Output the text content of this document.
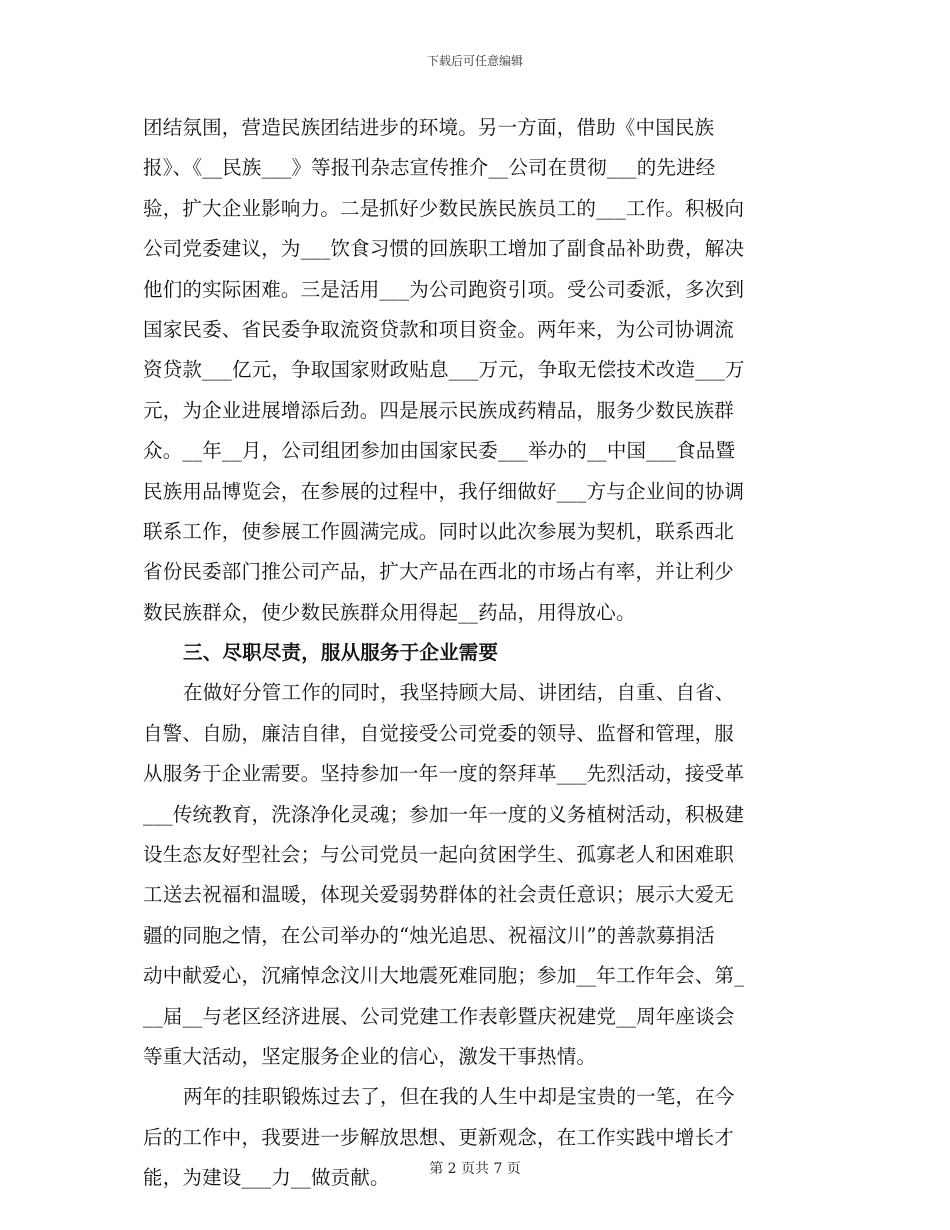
下载后可任意编辑
团结氛围，营造民族团结进步的环境。另一方面，借助《中国民族
报》、《__民族___》等报刊杂志宣传推介__公司在贯彻___的先进经
验，扩大企业影响力。二是抓好少数民族民族员工的___工作。积极向
公司党委建议，为___饮食习惯的回族职工增加了副食品补助费，解决
他们的实际困难。三是活用___为公司跑资引项。受公司委派，多次到
国家民委、省民委争取流资贷款和项目资金。两年来，为公司协调流
资贷款___亿元，争取国家财政贴息___万元，争取无偿技术改造___万
元，为企业进展增添后劲。四是展示民族成药精品，服务少数民族群
众。__年__月，公司组团参加由国家民委___举办的__中国___食品暨
民族用品博览会，在参展的过程中，我仔细做好___方与企业间的协调
联系工作，使参展工作圆满完成。同时以此次参展为契机，联系西北
省份民委部门推公司产品，扩大产品在西北的市场占有率，并让利少
数民族群众，使少数民族群众用得起__药品，用得放心。
三、尽职尽责，服从服务于企业需要
在做好分管工作的同时，我坚持顾大局、讲团结，自重、自省、
自警、自励，廉洁自律，自觉接受公司党委的领导、监督和管理，服
从服务于企业需要。坚持参加一年一度的祭拜革___先烈活动，接受革
___传统教育，洗涤净化灵魂；参加一年一度的义务植树活动，积极建
设生态友好型社会；与公司党员一起向贫困学生、孤寡老人和困难职
工送去祝福和温暖，体现关爱弱势群体的社会责任意识；展示大爱无
疆的同胞之情，在公司举办的“烛光追思、祝福汶川”的善款募捐活
动中献爱心，沉痛悼念汶川大地震死难同胞；参加__年工作年会、第_
__届__与老区经济进展、公司党建工作表彰暨庆祝建党__周年座谈会
等重大活动，坚定服务企业的信心，激发干事热情。
两年的挂职锻炼过去了，但在我的人生中却是宝贵的一笔，在今
后的工作中，我要进一步解放思想、更新观念，在工作实践中增长才
能，为建设___力__做贡献。	第 2 页共 7 页
